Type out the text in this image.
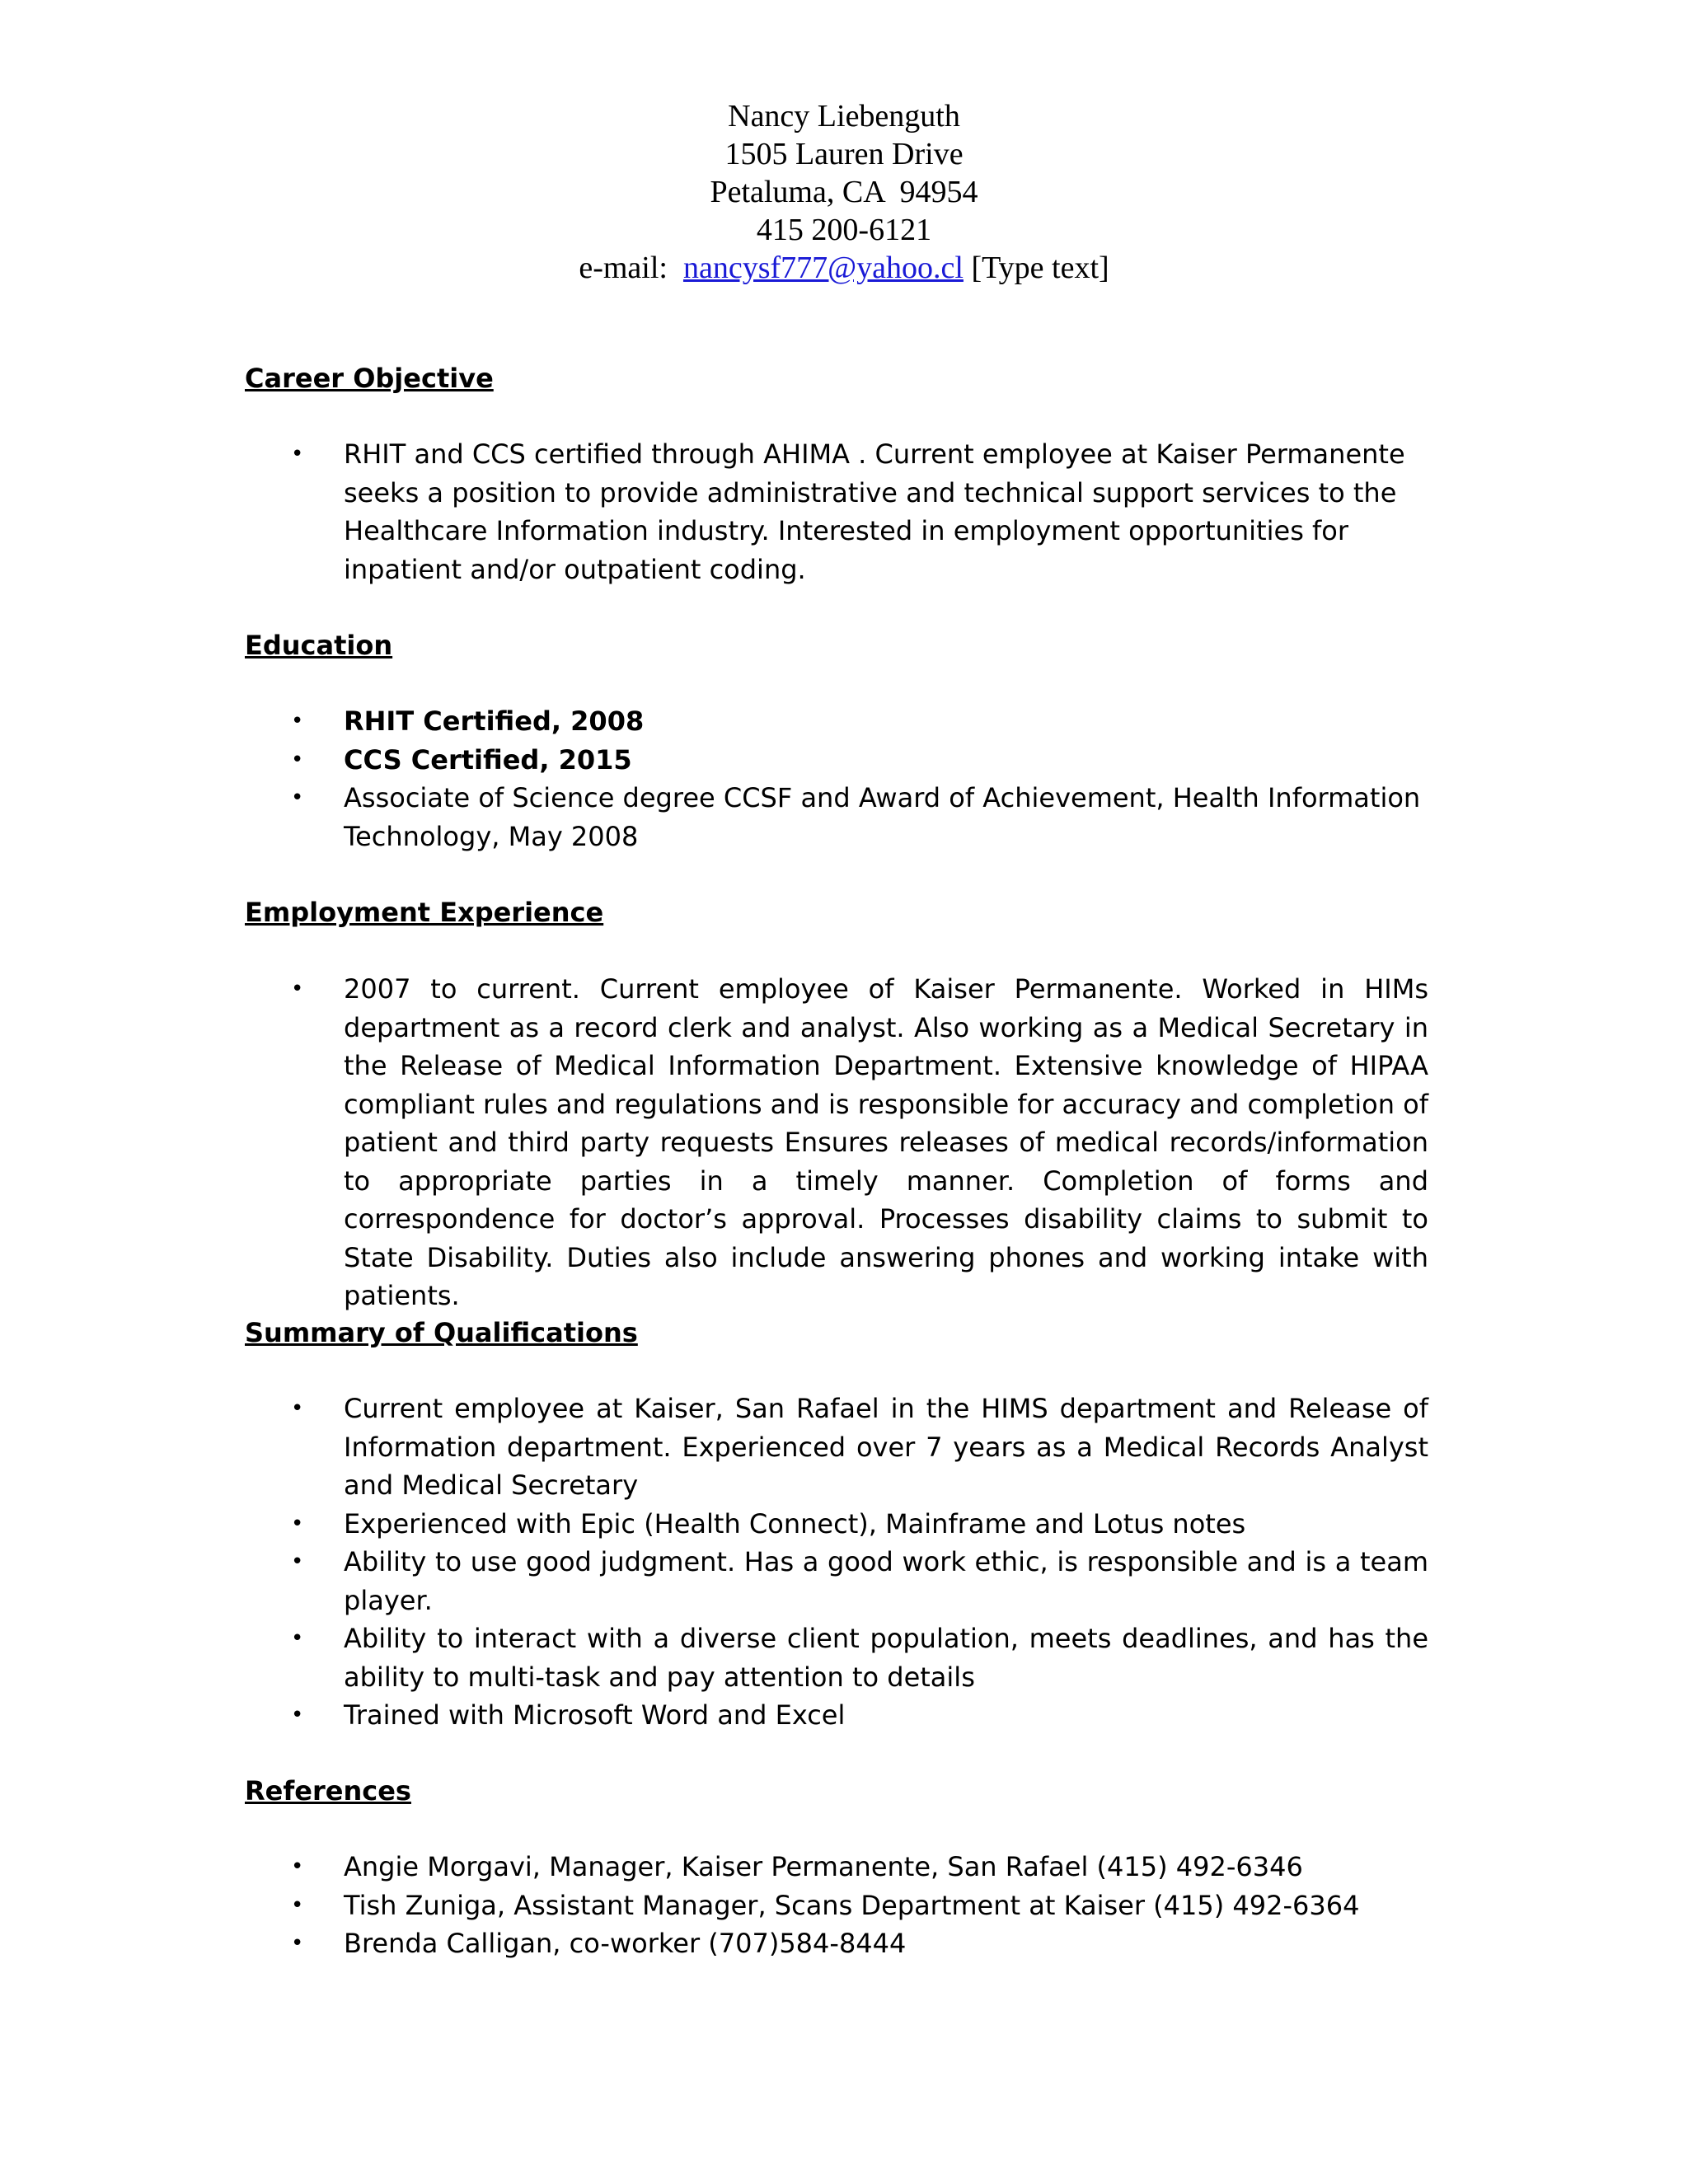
Nancy Liebenguth
1505 Lauren Drive
Petaluma, CA  94954
415 200-6121
e-mail: nancysf777@yahoo.cl [Type text]
Career Objective
• RHIT and CCS certified through AHIMA . Current employee at Kaiser Permanente seeks a position to provide administrative and technical support services to the Healthcare Information industry. Interested in employment opportunities for inpatient and/or outpatient coding.
Education
• RHIT Certified, 2008
• CCS Certified, 2015
• Associate of Science degree CCSF and Award of Achievement, Health Information Technology, May 2008
Employment Experience
• 2007 to current. Current employee of Kaiser Permanente. Worked in HIMs department as a record clerk and analyst. Also working as a Medical Secretary in the Release of Medical Information Department. Extensive knowledge of HIPAA compliant rules and regulations and is responsible for accuracy and completion of patient and third party requests Ensures releases of medical records/information to appropriate parties in a timely manner. Completion of forms and correspondence for doctor’s approval. Processes disability claims to submit to State Disability. Duties also include answering phones and working intake with patients.
Summary of Qualifications
• Current employee at Kaiser, San Rafael in the HIMS department and Release of Information department. Experienced over 7 years as a Medical Records Analyst and Medical Secretary
• Experienced with Epic (Health Connect), Mainframe and Lotus notes
• Ability to use good judgment. Has a good work ethic, is responsible and is a team player.
• Ability to interact with a diverse client population, meets deadlines, and has the ability to multi-task and pay attention to details
• Trained with Microsoft Word and Excel
References
• Angie Morgavi, Manager, Kaiser Permanente, San Rafael (415) 492-6346
• Tish Zuniga, Assistant Manager, Scans Department at Kaiser (415) 492-6364
• Brenda Calligan, co-worker (707)584-8444
